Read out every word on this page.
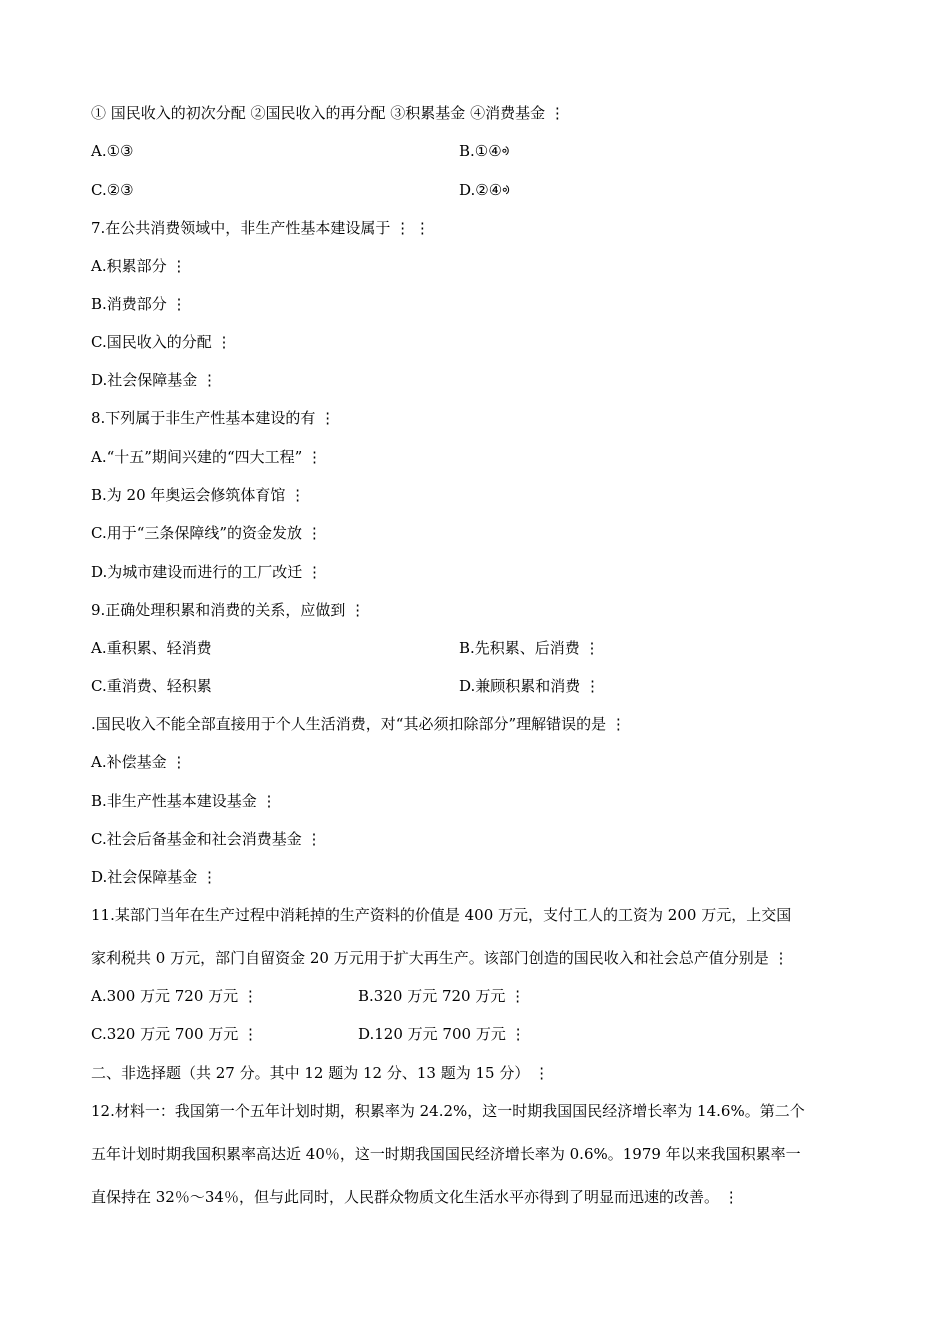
① 国民收入的初次分配 ②国民收入的再分配 ③积累基金 ④消费基金 ⋮
A.①③	B.①④ᢀ
C.②③	D.②④ᢀ
7.在公共消费领域中，非生产性基本建设属于 ⋮ ⋮
A.积累部分 ⋮
B.消费部分 ⋮
C.国民收入的分配 ⋮
D.社会保障基金 ⋮
8.下列属于非生产性基本建设的有 ⋮
A.“十五”期间兴建的“四大工程” ⋮
B.为 20 年奥运会修筑体育馆 ⋮
C.用于“三条保障线”的资金发放 ⋮
D.为城市建设而进行的工厂改迁 ⋮
9.正确处理积累和消费的关系，应做到 ⋮
A.重积累、轻消费	B.先积累、后消费 ⋮
C.重消费、轻积累	D.兼顾积累和消费 ⋮
.国民收入不能全部直接用于个人生活消费，对“其必须扣除部分”理解错误的是 ⋮
A.补偿基金 ⋮
B.非生产性基本建设基金 ⋮
C.社会后备基金和社会消费基金 ⋮
D.社会保障基金 ⋮
11.某部门当年在生产过程中消耗掉的生产资料的价值是 400 万元，支付工人的工资为 200 万元，上交国
家利税共 0 万元，部门自留资金 20 万元用于扩大再生产。该部门创造的国民收入和社会总产值分别是 ⋮
A.300 万元 720 万元 ⋮	B.320 万元 720 万元 ⋮
C.320 万元 700 万元 ⋮	D.120 万元 700 万元 ⋮
二、非选择题（共 27 分。其中 12 题为 12 分、13 题为 15 分） ⋮
12.材料一：我国第一个五年计划时期，积累率为 24.2%，这一时期我国国民经济增长率为 14.6%。第二个
五年计划时期我国积累率高达近 40％，这一时期我国国民经济增长率为 0.6%。1979 年以来我国积累率一
直保持在 32％～34％，但与此同时，人民群众物质文化生活水平亦得到了明显而迅速的改善。 ⋮
